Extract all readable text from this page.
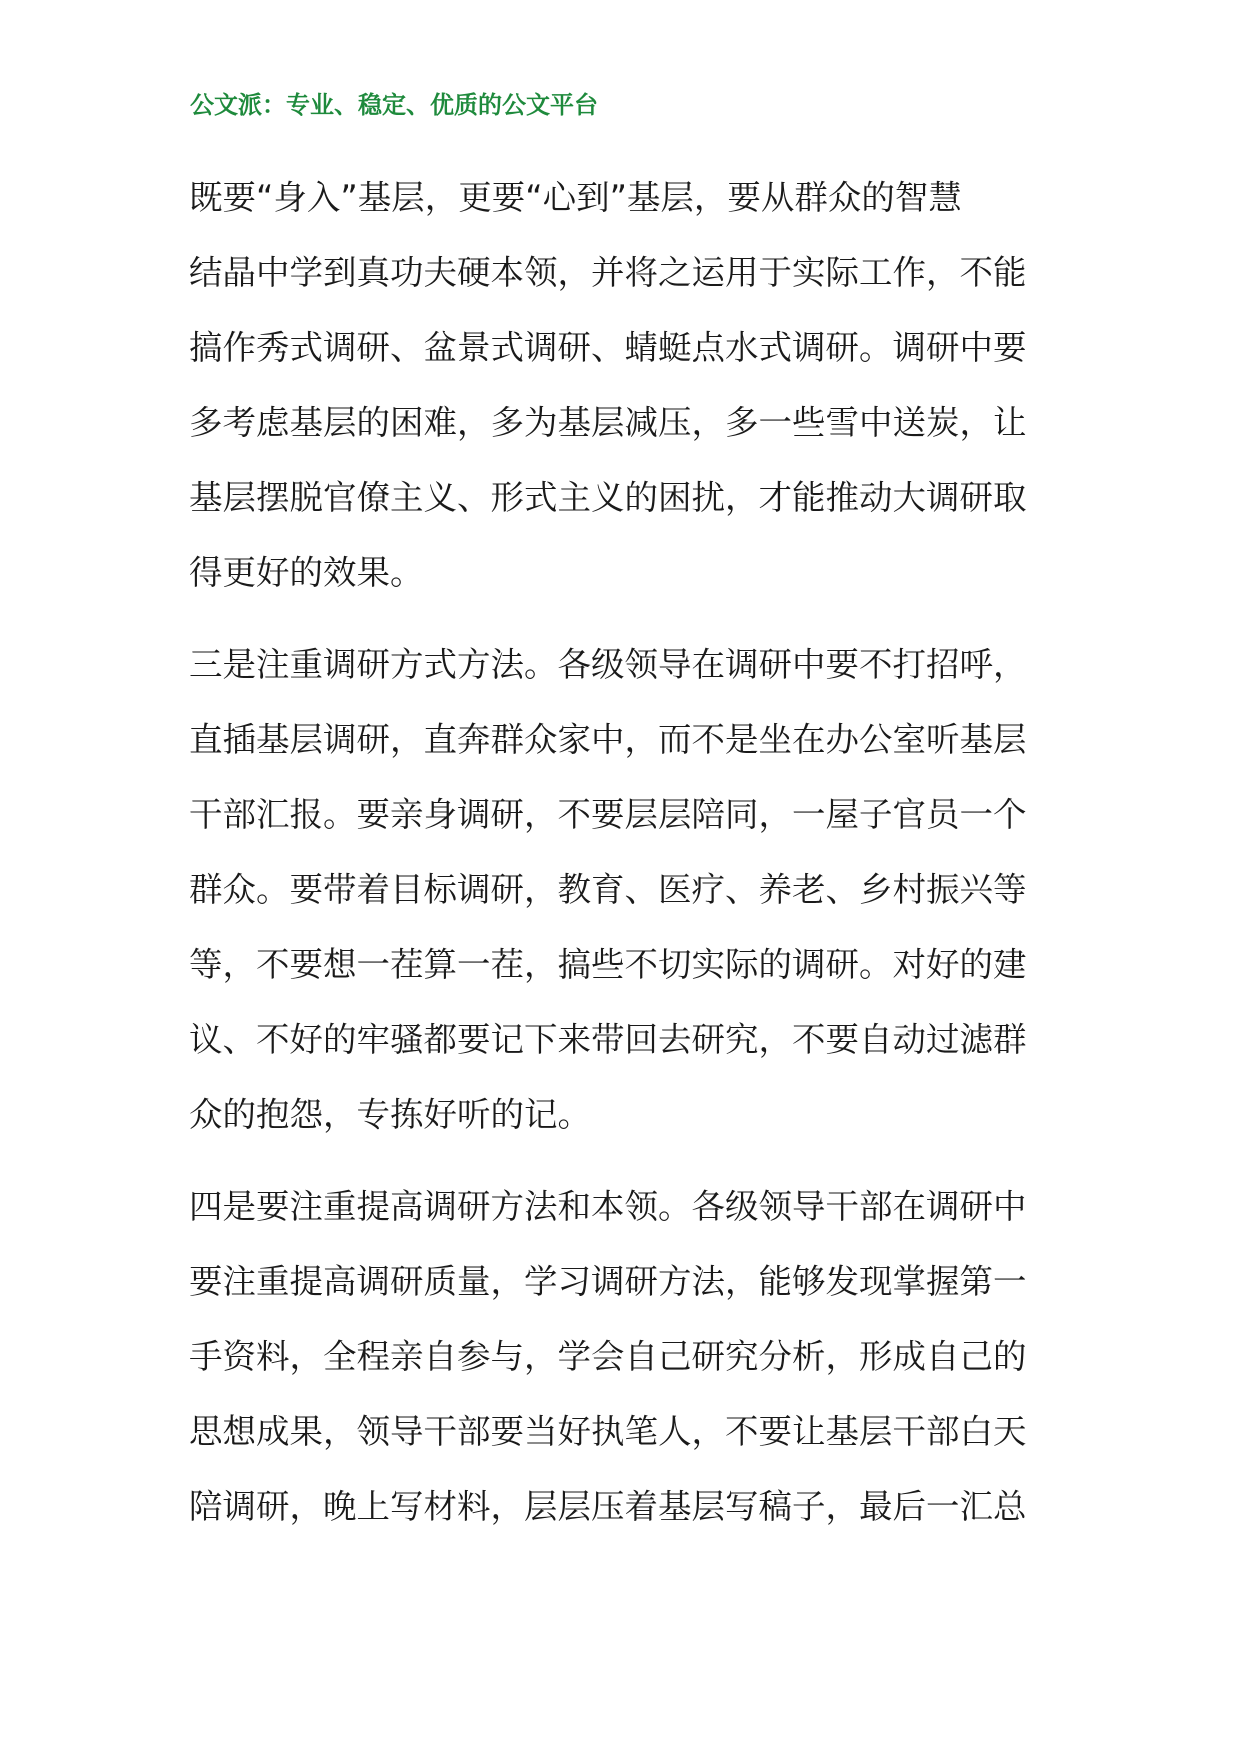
公文派：专业、稳定、优质的公文平台
既要“身入”基层，更要“心到”基层，要从群众的智慧
结晶中学到真功夫硬本领，并将之运用于实际工作，不能
搞作秀式调研、盆景式调研、蜻蜓点水式调研。调研中要
多考虑基层的困难，多为基层减压，多一些雪中送炭，让
基层摆脱官僚主义、形式主义的困扰，才能推动大调研取
得更好的效果。
三是注重调研方式方法。各级领导在调研中要不打招呼，
直插基层调研，直奔群众家中，而不是坐在办公室听基层
干部汇报。要亲身调研，不要层层陪同，一屋子官员一个
群众。要带着目标调研，教育、医疗、养老、乡村振兴等
等，不要想一茬算一茬，搞些不切实际的调研。对好的建
议、不好的牢骚都要记下来带回去研究，不要自动过滤群
众的抱怨，专拣好听的记。
四是要注重提高调研方法和本领。各级领导干部在调研中
要注重提高调研质量，学习调研方法，能够发现掌握第一
手资料，全程亲自参与，学会自己研究分析，形成自己的
思想成果，领导干部要当好执笔人，不要让基层干部白天
陪调研，晚上写材料，层层压着基层写稿子，最后一汇总
